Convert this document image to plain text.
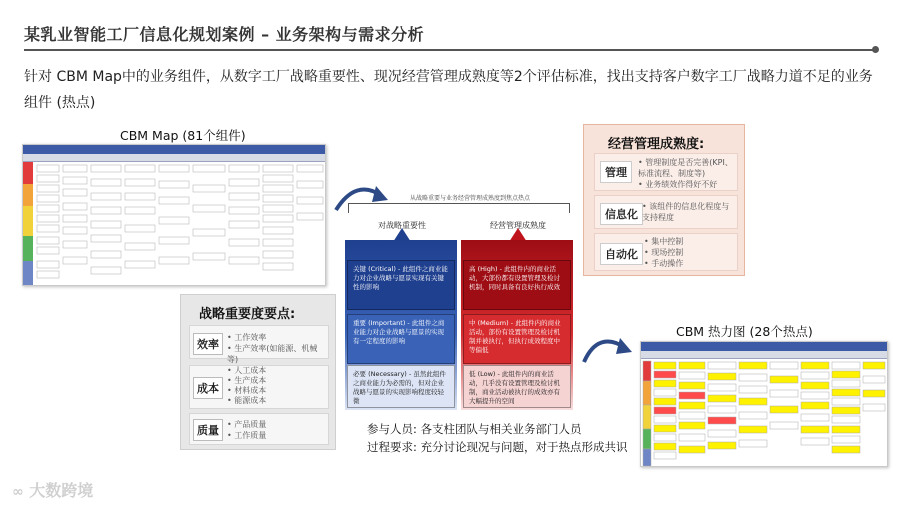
某乳业智能工厂信息化规划案例 – 业务架构与需求分析
针对 CBM Map中的业务组件，从数字工厂战略重要性、现况经营管理成熟度等2个评估标准，找出支持客户数字工厂战略力道不足的业务组件 (热点)
CBM Map (81个组件)
经营管理成熟度:
管理
• 管理制度是否完善(KPI、标准流程、制度等)
• 业务绩效作得好不好
信息化
• 该组件的信息化程度与支持程度
自动化
• 集中控制
• 现场控制
• 手动操作
从战略重要与业务经营管理成熟度到焦点热点
对战略重要性	经营管理成熟度
关键 (Critical) - 此组件之商业能力对企业战略与愿景实现有关键性的影响
重要 (Important) - 此组件之商业能力对企业战略与愿景的实现有一定程度的影响
必要 (Necessary) - 虽然此组件之商业能力为必需的，但对企业战略与愿景的实现影响程度较轻微
高 (High) - 此组件内的商业活动，大部份都有设置管理及检讨机制，同时具备有良好执行成效
中 (Medium) - 此组件内的商业活动，部份有设置管理及检讨机制并被执行，但执行成效程度中等偏低
低 (Low) - 此组件内的商业活动，几乎没有设置管理及检讨机制，商业活动被执行的成效亦有大幅提升的空间
战略重要度要点:
效率
• 工作效率
• 生产效率(如能源、机械等)
成本
• 人工成本
• 生产成本
• 材料成本
• 能源成本
质量	• 产品质量
• 工作质量	参与人员: 各支柱团队与相关业务部门人员
过程要求: 充分讨论现况与问题，对于热点形成共识
CBM 热力图 (28个热点)
∞ 大数跨境
